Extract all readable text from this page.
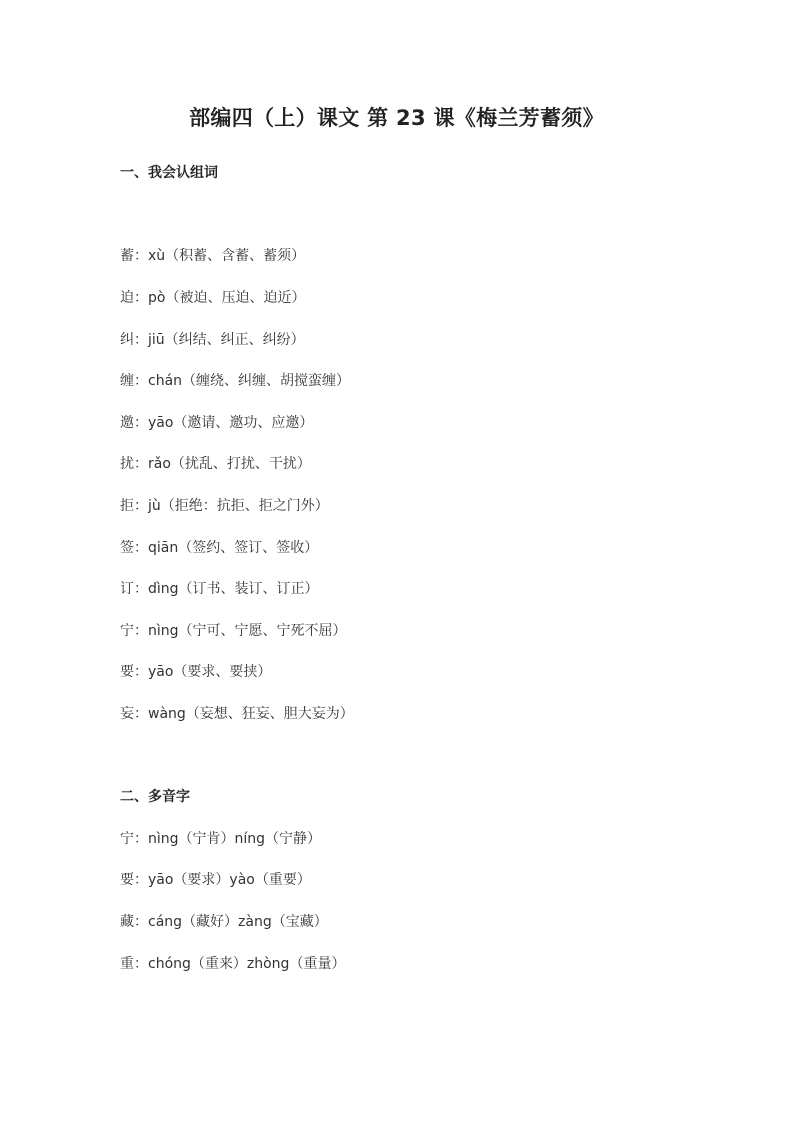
部编四（上）课文 第 23 课《梅兰芳蓄须》
一、我会认组词
蓄：xù（积蓄、含蓄、蓄须）
迫：pò（被迫、压迫、迫近）
纠：jiū（纠结、纠正、纠纷）
缠：chán（缠绕、纠缠、胡搅蛮缠）
邀：yāo（邀请、邀功、应邀）
扰：rǎo（扰乱、打扰、干扰）
拒：jù（拒绝：抗拒、拒之门外）
签：qiān（签约、签订、签收）
订：dìng（订书、装订、订正）
宁：nìng（宁可、宁愿、宁死不屈）
要：yāo（要求、要挟）
妄：wàng（妄想、狂妄、胆大妄为）
二、多音字
宁：nìng（宁肯）níng（宁静）
要：yāo（要求）yào（重要）
藏：cáng（藏好）zàng（宝藏）
重：chóng（重来）zhòng（重量）
